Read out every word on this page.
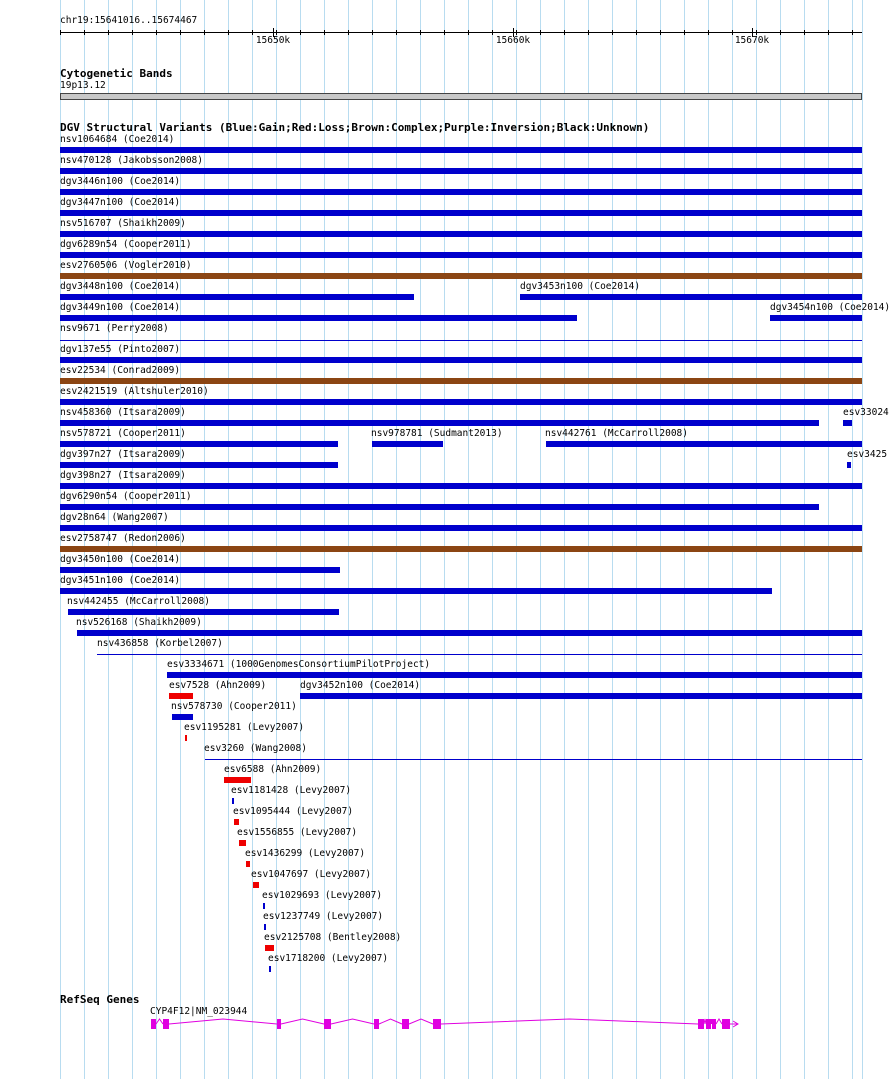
chr19:15641016..15674467
15650k	15660k	15670k
Cytogenetic Bands
19p13.12
DGV Structural Variants (Blue:Gain;Red:Loss;Brown:Complex;Purple:Inversion;Black:Unknown)
nsv1064684 (Coe2014)
nsv470128 (Jakobsson2008)
dgv3446n100 (Coe2014)
dgv3447n100 (Coe2014)
nsv516707 (Shaikh2009)
dgv6289n54 (Cooper2011)
esv2760506 (Vogler2010)
dgv3448n100 (Coe2014)	dgv3453n100 (Coe2014)
dgv3449n100 (Coe2014)	dgv3454n100 (Coe2014)
nsv9671 (Perry2008)
dgv137e55 (Pinto2007)
esv22534 (Conrad2009)
esv2421519 (Altshuler2010)
nsv458360 (Itsara2009)	esv33024
nsv578721 (Cooper2011)	nsv978781 (Sudmant2013)	nsv442761 (McCarroll2008)
dgv397n27 (Itsara2009)	esv3425
dgv398n27 (Itsara2009)
dgv6290n54 (Cooper2011)
dgv28n64 (Wang2007)
esv2758747 (Redon2006)
dgv3450n100 (Coe2014)
dgv3451n100 (Coe2014)
nsv442455 (McCarroll2008)
nsv526168 (Shaikh2009)
nsv436858 (Korbel2007)
esv3334671 (1000GenomesConsortiumPilotProject)
esv7528 (Ahn2009)	dgv3452n100 (Coe2014)
nsv578730 (Cooper2011)
esv1195281 (Levy2007)
esv3260 (Wang2008)
esv6588 (Ahn2009)
esv1181428 (Levy2007)
esv1095444 (Levy2007)
esv1556855 (Levy2007)
esv1436299 (Levy2007)
esv1047697 (Levy2007)
esv1029693 (Levy2007)
esv1237749 (Levy2007)
esv2125708 (Bentley2008)
esv1718200 (Levy2007)
RefSeq Genes
CYP4F12|NM_023944
